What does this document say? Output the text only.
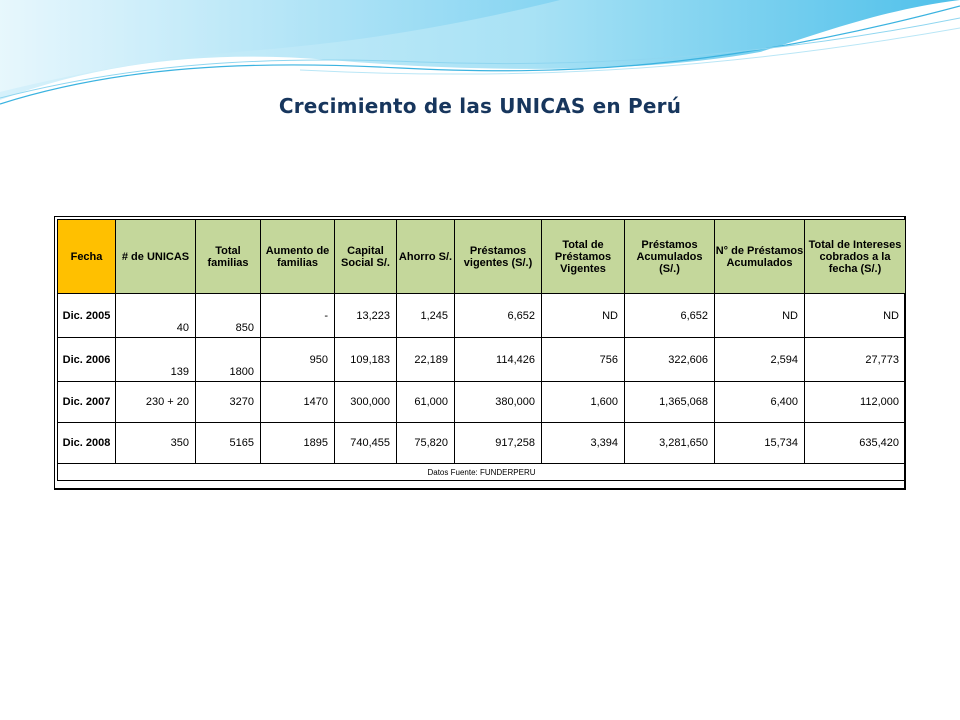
Crecimiento de las UNICAS en Perú
Fecha	# de UNICAS	Total familias	Aumento de familias	Capital Social S/.	Ahorro S/.	Préstamos vigentes (S/.)	Total de Préstamos Vigentes	Préstamos Acumulados (S/.)	N° de Préstamos Acumulados	Total de Intereses cobrados a la fecha (S/.)
Dic. 2005	40	850	-	13,223	1,245	6,652	ND	6,652	ND	ND
Dic. 2006	139	1800	950	109,183	22,189	114,426	756	322,606	2,594	27,773
Dic. 2007	230 + 20	3270	1470	300,000	61,000	380,000	1,600	1,365,068	6,400	112,000
Dic. 2008	350	5165	1895	740,455	75,820	917,258	3,394	3,281,650	15,734	635,420
Datos Fuente: FUNDERPERU										
